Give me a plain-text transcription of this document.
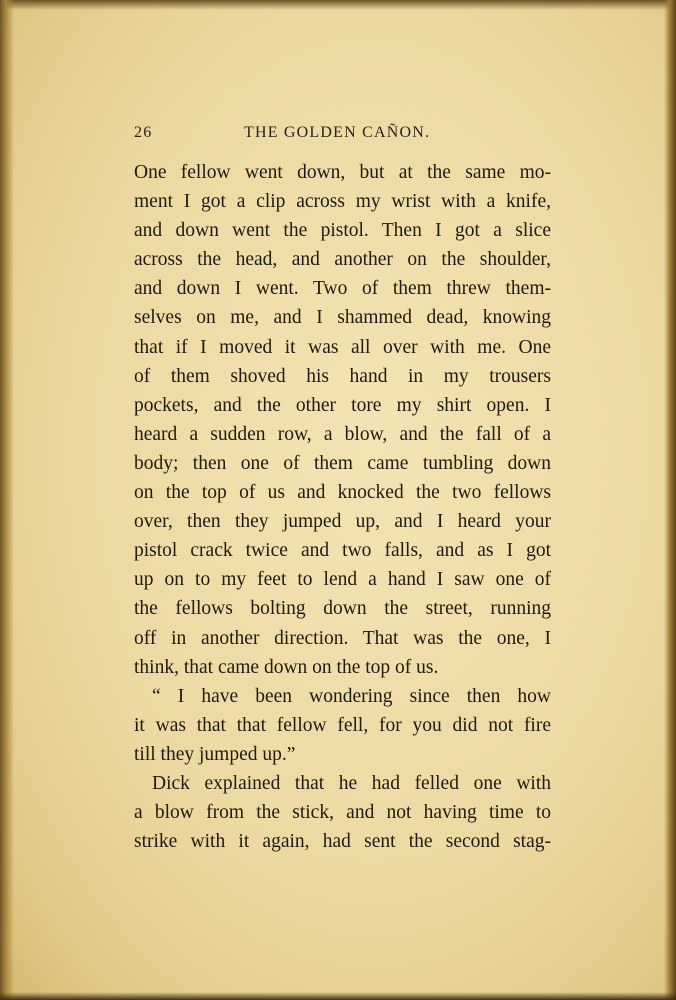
26	THE GOLDEN CAÑON.
One fellow went down, but at the same mo-
ment I got a clip across my wrist with a knife,
and down went the pistol. Then I got a slice
across the head, and another on the shoulder,
and down I went. Two of them threw them-
selves on me, and I shammed dead, knowing
that if I moved it was all over with me. One
of them shoved his hand in my trousers
pockets, and the other tore my shirt open. I
heard a sudden row, a blow, and the fall of a
body; then one of them came tumbling down
on the top of us and knocked the two fellows
over, then they jumped up, and I heard your
pistol crack twice and two falls, and as I got
up on to my feet to lend a hand I saw one of
the fellows bolting down the street, running
off in another direction. That was the one, I
think, that came down on the top of us.
“ I have been wondering since then how
it was that that fellow fell, for you did not fire
till they jumped up.”
Dick explained that he had felled one with
a blow from the stick, and not having time to
strike with it again, had sent the second stag-
